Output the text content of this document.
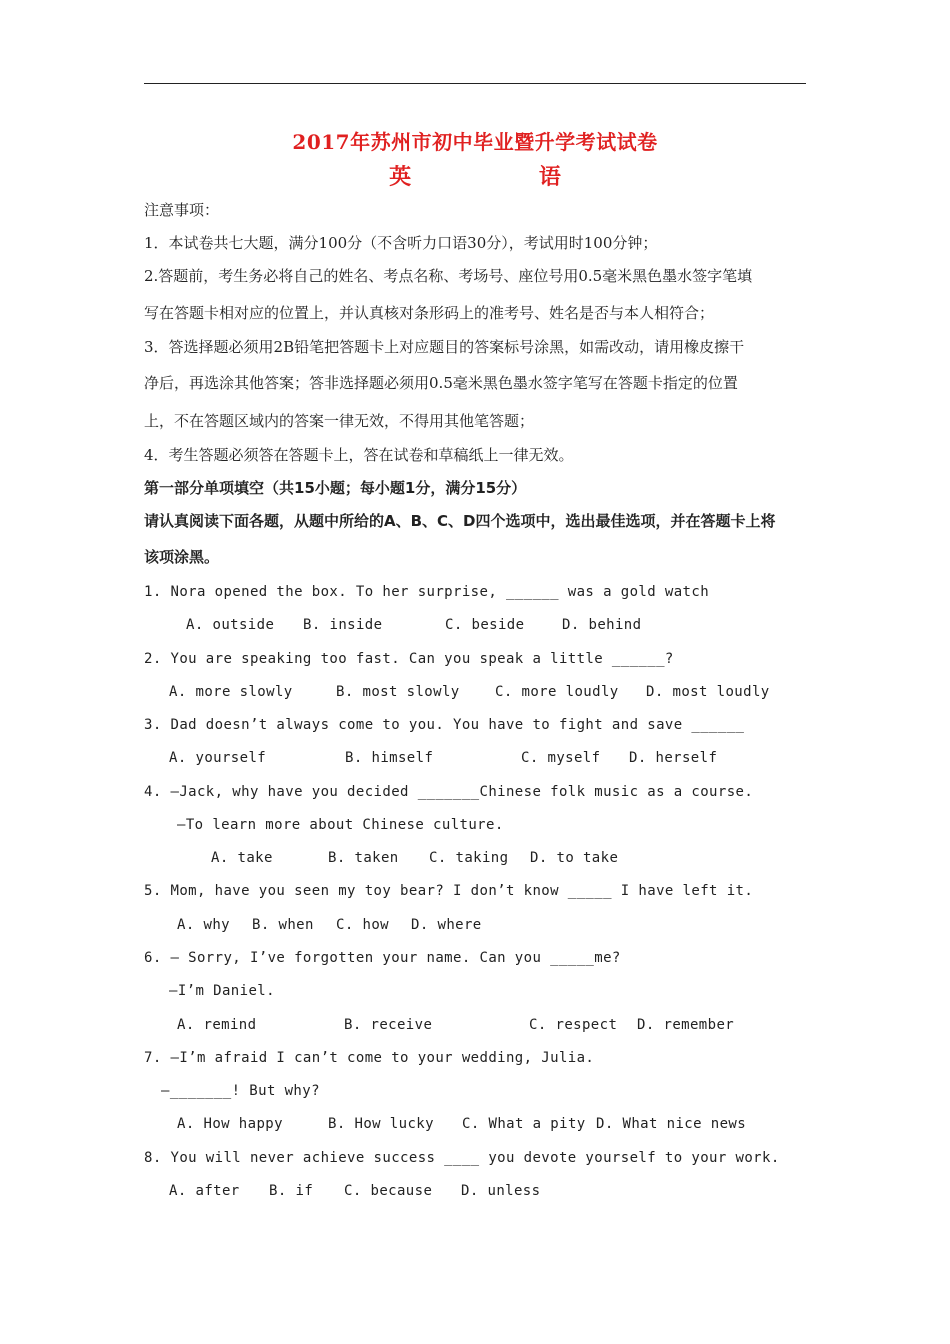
2017年苏州市初中毕业暨升学考试试卷
英 语
注意事项：
1．本试卷共七大题，满分100分（不含听力口语30分），考试用时100分钟；
2.答题前，考生务必将自己的姓名、考点名称、考场号、座位号用0.5毫米黑色墨水签字笔填
写在答题卡相对应的位置上，并认真核对条形码上的准考号、姓名是否与本人相符合；
3．答选择题必须用2B铅笔把答题卡上对应题目的答案标号涂黑，如需改动，请用橡皮擦干
净后，再选涂其他答案；答非选择题必须用0.5毫米黑色墨水签字笔写在答题卡指定的位置
上，不在答题区域内的答案一律无效，不得用其他笔答题；
4．考生答题必须答在答题卡上，答在试卷和草稿纸上一律无效。
第一部分单项填空（共15小题；每小题1分，满分15分）
请认真阅读下面各题，从题中所给的A、B、C、D四个选项中，选出最佳选项，并在答题卡上将
该项涂黑。
1. Nora opened the box. To her surprise, ______ was a gold watch
A. outside B. inside	C. beside	D. behind
2. You are speaking too fast. Can you speak a little ______?
A. more slowly	B. most slowly	C. more loudly D. most loudly
3. Dad doesn’t always come to you. You have to fight and save ______
A. yourself	B. himself	C. myself D. herself
4. —Jack, why have you decided _______Chinese folk music as a course.
—To learn more about Chinese culture.
A. take	B. taken C. taking D. to take
5. Mom, have you seen my toy bear? I don’t know _____ I have left it.
A. why B. when C. how D. where
6. — Sorry, I’ve forgotten your name. Can you _____me?
—I’m Daniel.
A. remind	B. receive	C. respect D. remember
7. —I’m afraid I can’t come to your wedding, Julia.
—_______! But why?
A. How happy	B. How lucky C. What a pity D. What nice news
8. You will never achieve success ____ you devote yourself to your work.
A. after B. if C. because D. unless
